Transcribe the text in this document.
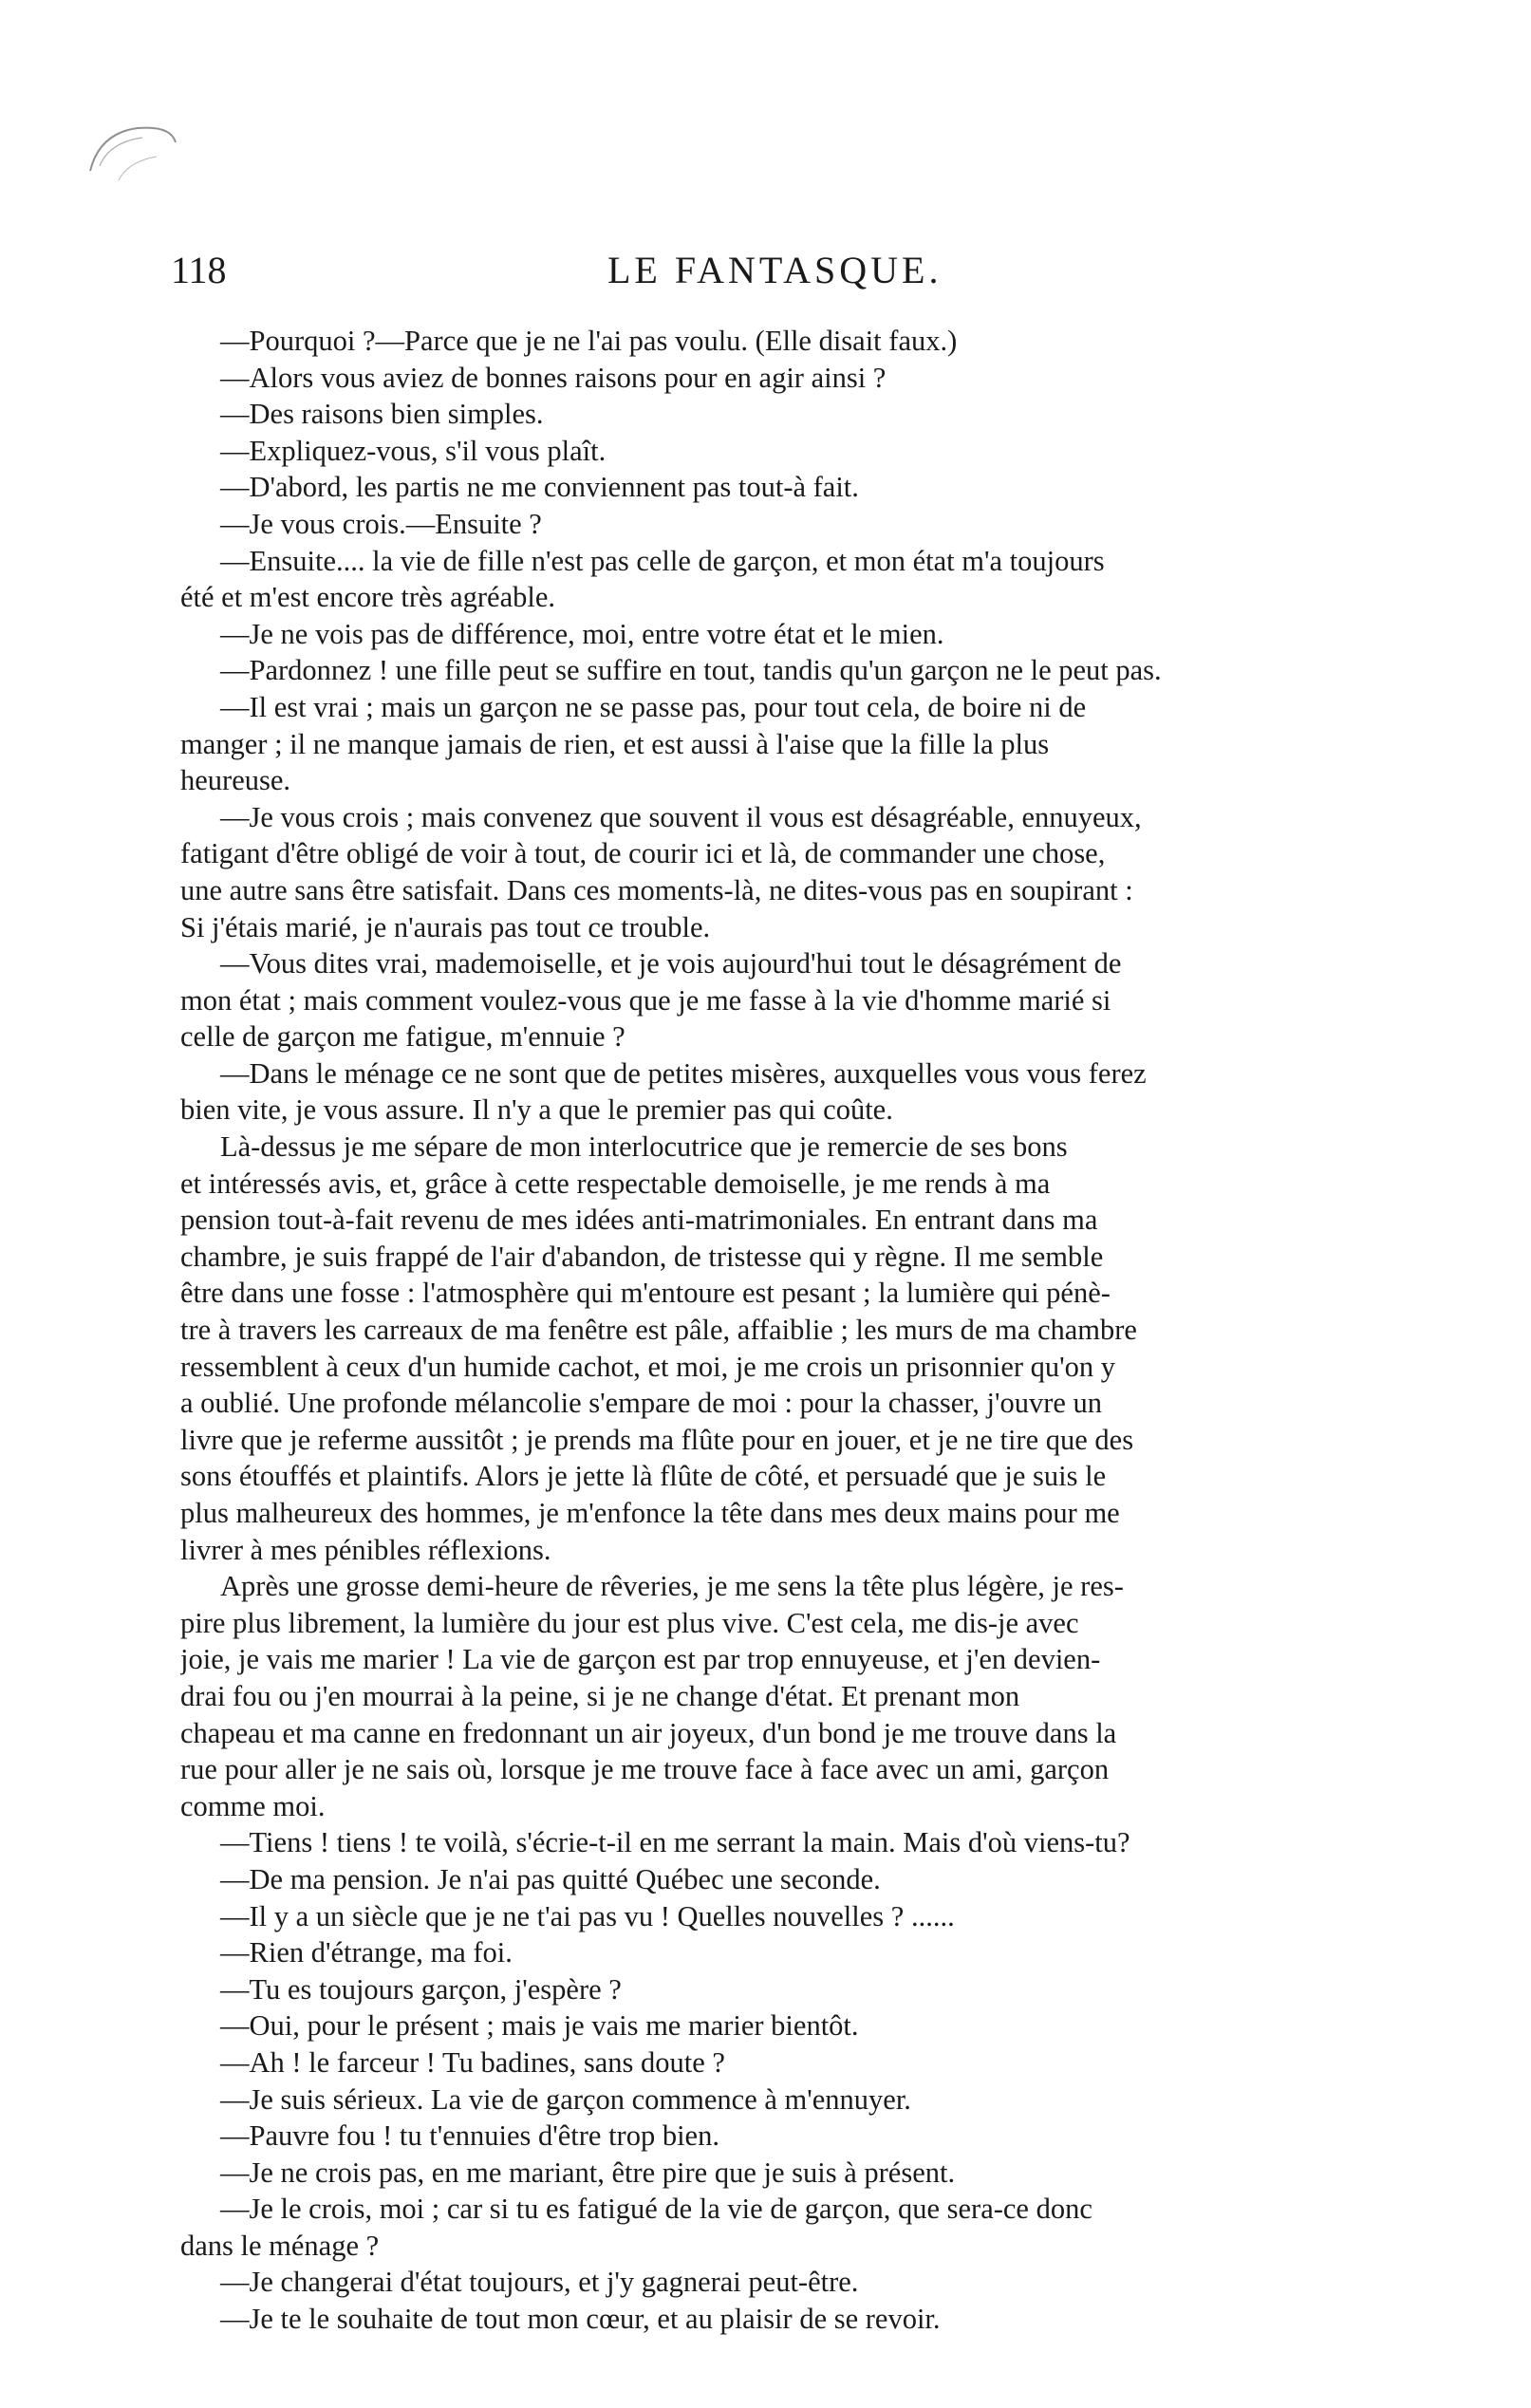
118	LE FANTASQUE.
—Pourquoi ?—Parce que je ne l'ai pas voulu. (Elle disait faux.)
—Alors vous aviez de bonnes raisons pour en agir ainsi ?
—Des raisons bien simples.
—Expliquez-vous, s'il vous plaît.
—D'abord, les partis ne me conviennent pas tout-à fait.
—Je vous crois.—Ensuite ?
—Ensuite.... la vie de fille n'est pas celle de garçon, et mon état m'a toujours
été et m'est encore très agréable.
—Je ne vois pas de différence, moi, entre votre état et le mien.
—Pardonnez ! une fille peut se suffire en tout, tandis qu'un garçon ne le peut pas.
—Il est vrai ; mais un garçon ne se passe pas, pour tout cela, de boire ni de
manger ; il ne manque jamais de rien, et est aussi à l'aise que la fille la plus
heureuse.
—Je vous crois ; mais convenez que souvent il vous est désagréable, ennuyeux,
fatigant d'être obligé de voir à tout, de courir ici et là, de commander une chose,
une autre sans être satisfait. Dans ces moments-là, ne dites-vous pas en soupirant :
Si j'étais marié, je n'aurais pas tout ce trouble.
—Vous dites vrai, mademoiselle, et je vois aujourd'hui tout le désagrément de
mon état ; mais comment voulez-vous que je me fasse à la vie d'homme marié si
celle de garçon me fatigue, m'ennuie ?
—Dans le ménage ce ne sont que de petites misères, auxquelles vous vous ferez
bien vite, je vous assure. Il n'y a que le premier pas qui coûte.
Là-dessus je me sépare de mon interlocutrice que je remercie de ses bons
et intéressés avis, et, grâce à cette respectable demoiselle, je me rends à ma
pension tout-à-fait revenu de mes idées anti-matrimoniales. En entrant dans ma
chambre, je suis frappé de l'air d'abandon, de tristesse qui y règne. Il me semble
être dans une fosse : l'atmosphère qui m'entoure est pesant ; la lumière qui pénè-
tre à travers les carreaux de ma fenêtre est pâle, affaiblie ; les murs de ma chambre
ressemblent à ceux d'un humide cachot, et moi, je me crois un prisonnier qu'on y
a oublié. Une profonde mélancolie s'empare de moi : pour la chasser, j'ouvre un
livre que je referme aussitôt ; je prends ma flûte pour en jouer, et je ne tire que des
sons étouffés et plaintifs. Alors je jette là flûte de côté, et persuadé que je suis le
plus malheureux des hommes, je m'enfonce la tête dans mes deux mains pour me
livrer à mes pénibles réflexions.
Après une grosse demi-heure de rêveries, je me sens la tête plus légère, je res-
pire plus librement, la lumière du jour est plus vive. C'est cela, me dis-je avec
joie, je vais me marier ! La vie de garçon est par trop ennuyeuse, et j'en devien-
drai fou ou j'en mourrai à la peine, si je ne change d'état. Et prenant mon
chapeau et ma canne en fredonnant un air joyeux, d'un bond je me trouve dans la
rue pour aller je ne sais où, lorsque je me trouve face à face avec un ami, garçon
comme moi.
—Tiens ! tiens ! te voilà, s'écrie-t-il en me serrant la main. Mais d'où viens-tu?
—De ma pension. Je n'ai pas quitté Québec une seconde.
—Il y a un siècle que je ne t'ai pas vu ! Quelles nouvelles ? ......
—Rien d'étrange, ma foi.
—Tu es toujours garçon, j'espère ?
—Oui, pour le présent ; mais je vais me marier bientôt.
—Ah ! le farceur ! Tu badines, sans doute ?
—Je suis sérieux. La vie de garçon commence à m'ennuyer.
—Pauvre fou ! tu t'ennuies d'être trop bien.
—Je ne crois pas, en me mariant, être pire que je suis à présent.
—Je le crois, moi ; car si tu es fatigué de la vie de garçon, que sera-ce donc
dans le ménage ?
—Je changerai d'état toujours, et j'y gagnerai peut-être.
—Je te le souhaite de tout mon cœur, et au plaisir de se revoir.
